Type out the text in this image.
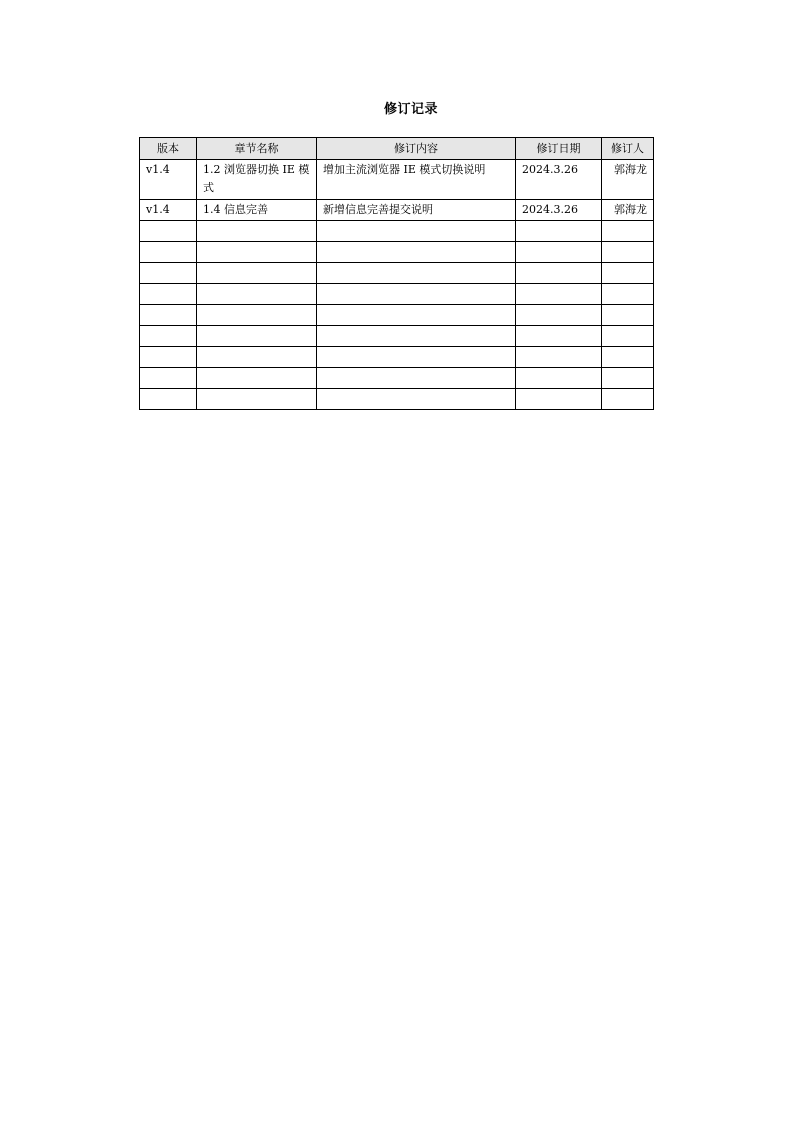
修订记录
版本	章节名称	修订内容	修订日期	修订人
v1.4	1.2 浏览器切换 IE 模式	增加主流浏览器 IE 模式切换说明	2024.3.26	郭海龙
v1.4	1.4 信息完善	新增信息完善提交说明	2024.3.26	郭海龙
